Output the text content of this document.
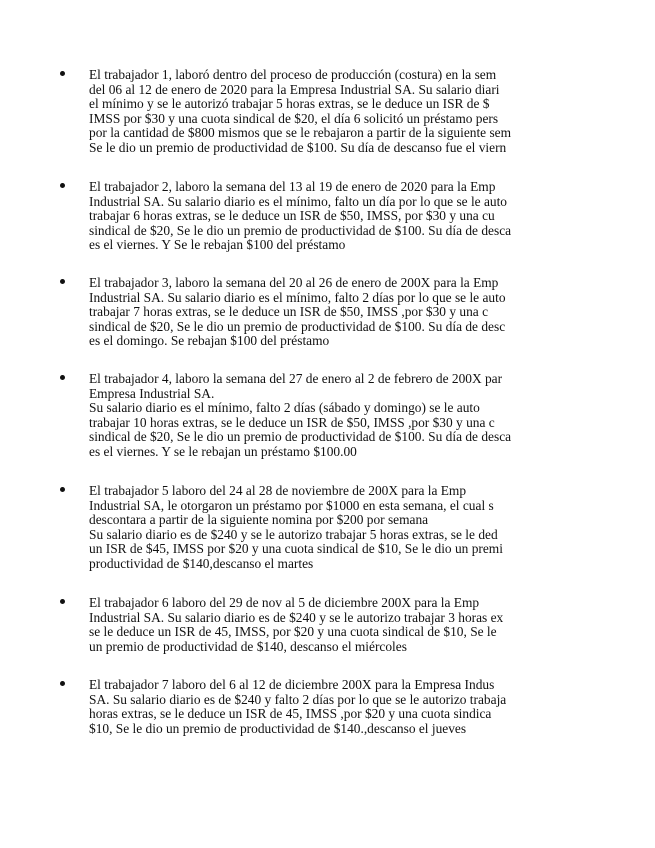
El trabajador 1, laboró dentro del proceso de producción (costura) en la sem
del 06 al 12 de enero de 2020 para la Empresa Industrial SA. Su salario diari
el mínimo y se le autorizó trabajar 5 horas extras, se le deduce un ISR de $
IMSS por $30 y una cuota sindical de $20, el día 6 solicitó un préstamo pers
por la cantidad de $800 mismos que se le rebajaron a partir de la siguiente sem
Se le dio un premio de productividad de $100. Su día de descanso fue el viern
El trabajador 2, laboro la semana del 13 al 19 de enero de 2020 para la Emp
Industrial SA. Su salario diario es el mínimo, falto un día por lo que se le auto
trabajar 6 horas extras, se le deduce un ISR de $50, IMSS, por $30 y una cu
sindical de $20, Se le dio un premio de productividad de $100. Su día de desca
es el viernes. Y Se le rebajan $100 del préstamo
El trabajador 3, laboro la semana del 20 al 26 de enero de 200X para la Emp
Industrial SA. Su salario diario es el mínimo, falto 2 días por lo que se le auto
trabajar 7 horas extras, se le deduce un ISR de $50, IMSS ,por $30 y una c
sindical de $20, Se le dio un premio de productividad de $100. Su día de desc
es el domingo. Se rebajan $100 del préstamo
El trabajador 4, laboro la semana del 27 de enero al 2 de febrero de 200X par
Empresa Industrial SA.
Su salario diario es el mínimo, falto 2 días (sábado y domingo) se le auto
trabajar 10 horas extras, se le deduce un ISR de $50, IMSS ,por $30 y una c
sindical de $20, Se le dio un premio de productividad de $100. Su día de desca
es el viernes. Y se le rebajan un préstamo $100.00
El trabajador 5 laboro del 24 al 28 de noviembre de 200X para la Emp
Industrial SA, le otorgaron un préstamo por $1000 en esta semana, el cual s
descontara a partir de la siguiente nomina por $200 por semana
Su salario diario es de $240 y se le autorizo trabajar 5 horas extras, se le ded
un ISR de $45, IMSS por $20 y una cuota sindical de $10, Se le dio un premi
productividad de $140,descanso el martes
El trabajador 6 laboro del 29 de nov al 5 de diciembre 200X para la Emp
Industrial SA. Su salario diario es de $240 y se le autorizo trabajar 3 horas ex
se le deduce un ISR de 45, IMSS, por $20 y una cuota sindical de $10, Se le
un premio de productividad de $140, descanso el miércoles
El trabajador 7 laboro del 6 al 12 de diciembre 200X para la Empresa Indus
SA. Su salario diario es de $240 y falto 2 días por lo que se le autorizo trabaja
horas extras, se le deduce un ISR de 45, IMSS ,por $20 y una cuota sindica
$10, Se le dio un premio de productividad de $140.,descanso el jueves
